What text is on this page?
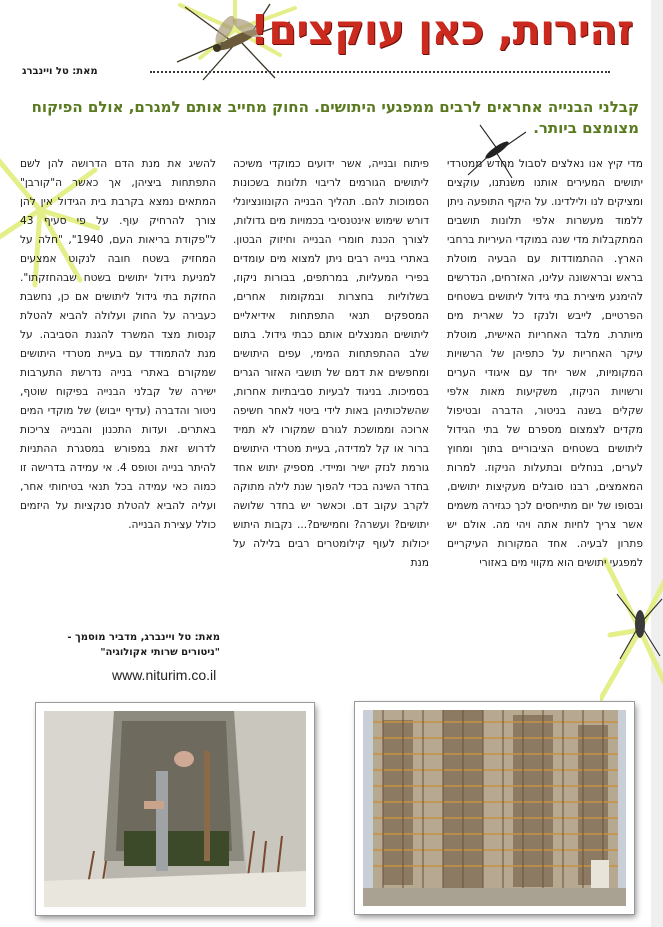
זהירות, כאן עוקצים!
מאת: טל ויינברג
קבלני הבנייה אחראים לרבים ממפגעי היתושים. החוק מחייב אותם למגרם, אולם הפיקוח מצומצם ביותר.
מדי קיץ אנו נאלצים לסבול מחדש ממטרדי יתושים המעירים אותנו משנתנו, עוקצים ומציקים לנו ולילדינו. על היקף התופעה ניתן ללמוד מעשרות אלפי תלונות תושבים המתקבלות מדי שנה במוקדי העיריות ברחבי הארץ. ההתמודדות עם הבעיה מוטלת בראש ובראשונה עלינו, האזרחים, הנדרשים להימנע מיצירת בתי גידול ליתושים בשטחים הפרטיים, לייבש ולנקז כל שארית מים מיותרת. מלבד האחריות האישית, מוטלת עיקר האחריות על כתפיהן של הרשויות המקומיות, אשר יחד עם איגודי הערים ורשויות הניקוז, משקיעות מאות אלפי שקלים בשנה בניטור, הדברה ובטיפול מקדים לצמצום מספרם של בתי הגידול ליתושים בשטחים הציבוריים בתוך ומחוץ לערים, בנחלים ובתעלות הניקוז. למרות המאמצים, רבנו סובלים מעקיצות יתושים, ובסופו של יום מתייחסים לכך כגזירה משמים אשר צריך לחיות אתה ויהי מה. אולם יש פתרון לבעיה. אחד המקורות העיקריים למפגעי יתושים הוא מקווי מים באזורי
פיתוח ובנייה, אשר ידועים כמוקדי משיכה ליתושים הגורמים לריבוי תלונות בשכונות הסמוכות להם. תהליך הבנייה הקונוונציונלי דורש שימוש אינטנסיבי בכמויות מים גדולות, לצורך הכנת חומרי הבנייה וחיזוק הבטון. באתרי בנייה רבים ניתן למצוא מים עומדים בפירי המעליות, במרתפים, בבורות ניקוז, בשלוליות בחצרות ובמקומות אחרים, המספקים תנאי התפתחות אידיאליים ליתושים המנצלים אותם כבתי גידול. בתום שלב ההתפתחות המימי, עפים היתושים ומחפשים את דמם של תושבי האזור הגרים בסמיכות. בניגוד לבעיות סביבתיות אחרות, שהשלכותיהן באות לידי ביטוי לאחר חשיפה ארוכה וממושכת לגורם שמקורו לא תמיד ברור או קל למדידה, בעיית מטרדי היתושים גורמת לנזק ישיר ומיידי. מספיק יתוש אחד בחדר השינה בכדי להפוך שנת לילה מתוקה לקרב עקוב דם. וכאשר יש בחדר שלושה יתושים? ועשרה? וחמישים?... נקבות היתוש יכולות לעוף קילומטרים רבים בלילה על מנת
להשיג את מנת הדם הדרושה להן לשם התפתחות ביציהן, אך כאשר ה"קורבן" המתאים נמצא בקרבת בית הגידול אין להן צורך להרחיק עוף. על פי סעיף 43 ל"פקודת בריאות העם, 1940", "חלה על המחזיק בשטח חובה לנקוט אמצעים למניעת גידול יתושים בשטח שבהחזקתו". החזקת בתי גידול ליתושים אם כן, נחשבת כעבירה על החוק ועלולה להביא להטלת קנסות מצד המשרד להגנת הסביבה. על מנת להתמודד עם בעיית מטרדי היתושים שמקורם באתרי בנייה נדרשת התערבות ישירה של קבלני הבנייה בפיקוח שוטף, ניטור והדברה (עדיף ייבוש) של מוקדי המים באתרים. ועדות התכנון והבנייה צריכות לדרוש זאת במפורש במסגרת ההתניות להיתר בנייה וטופס 4. אי עמידה בדרישה זו כמוה כאי עמידה בכל תנאי בטיחותי אחר, ועליה להביא להטלת סנקציות על היזמים כולל עצירת הבנייה.
מאת: טל ויינברג, מדביר מוסמך -
"ניטורים שרותי אקולוגיה"
www.niturim.co.il
